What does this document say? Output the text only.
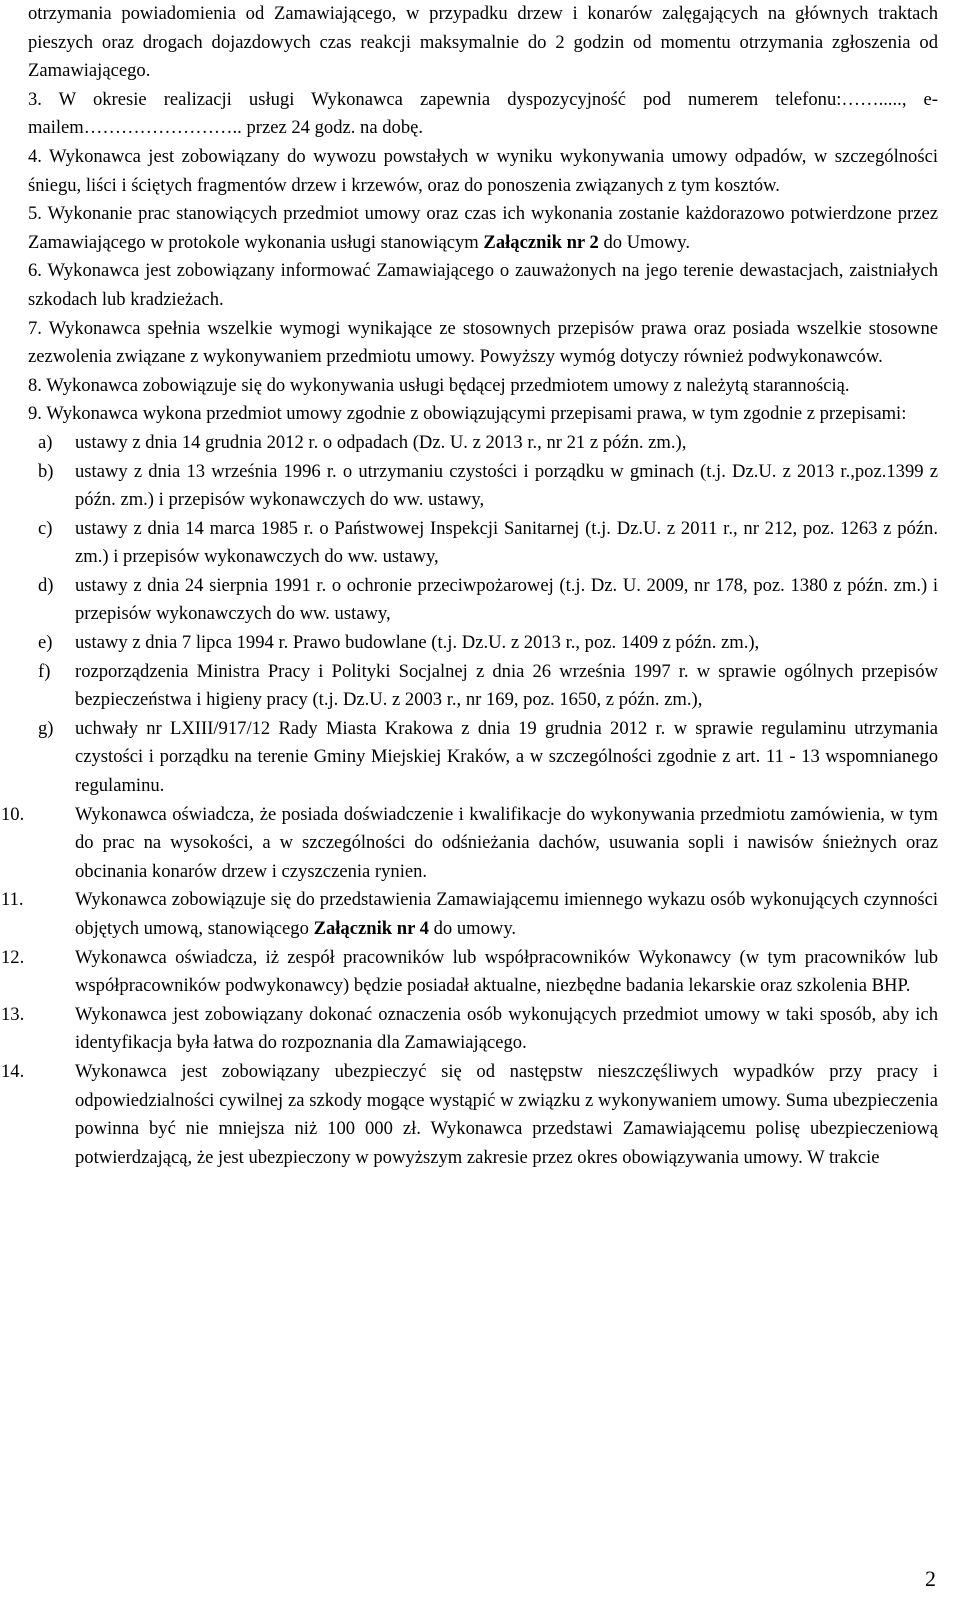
otrzymania powiadomienia od Zamawiającego, w przypadku drzew i konarów zalęgających na głównych traktach pieszych oraz drogach dojazdowych czas reakcji maksymalnie do 2 godzin od momentu otrzymania zgłoszenia od Zamawiającego.

3. W okresie realizacji usługi Wykonawca zapewnia dyspozycyjność pod numerem telefonu:……....., e-mailem…………………….. przez 24 godz. na dobę.

4. Wykonawca jest zobowiązany do wywozu powstałych w wyniku wykonywania umowy odpadów, w szczególności śniegu, liści i ściętych fragmentów drzew i krzewów, oraz do ponoszenia związanych z tym kosztów.

5. Wykonanie prac stanowiących przedmiot umowy oraz czas ich wykonania zostanie każdorazowo potwierdzone przez Zamawiającego w protokole wykonania usługi stanowiącym Załącznik nr 2 do Umowy.

6. Wykonawca jest zobowiązany informować Zamawiającego o zauważonych na jego terenie dewastacjach, zaistniałych szkodach lub kradzieżach.

7. Wykonawca spełnia wszelkie wymogi wynikające ze stosownych przepisów prawa oraz posiada wszelkie stosowne zezwolenia związane z wykonywaniem przedmiotu umowy. Powyższy wymóg dotyczy również podwykonawców.

8. Wykonawca zobowiązuje się do wykonywania usługi będącej przedmiotem umowy z należytą starannością.

9. Wykonawca wykona przedmiot umowy zgodnie z obowiązującymi przepisami prawa, w tym zgodnie z przepisami:

a) ustawy z dnia 14 grudnia 2012 r. o odpadach (Dz. U. z 2013 r., nr 21 z późn. zm.),

b) ustawy z dnia 13 września 1996 r. o utrzymaniu czystości i porządku w gminach (t.j. Dz.U. z 2013 r.,poz.1399 z późn. zm.) i przepisów wykonawczych do ww. ustawy,

c) ustawy z dnia 14 marca 1985 r. o Państwowej Inspekcji Sanitarnej (t.j. Dz.U. z 2011 r., nr 212, poz. 1263 z późn. zm.) i przepisów wykonawczych do ww. ustawy,

d) ustawy z dnia 24 sierpnia 1991 r. o ochronie przeciwpożarowej (t.j. Dz. U. 2009, nr 178, poz. 1380 z późn. zm.) i przepisów wykonawczych do ww. ustawy,

e) ustawy z dnia 7 lipca 1994 r. Prawo budowlane (t.j. Dz.U. z 2013 r., poz. 1409 z późn. zm.),

f) rozporządzenia Ministra Pracy i Polityki Socjalnej z dnia 26 września 1997 r. w sprawie ogólnych przepisów bezpieczeństwa i higieny pracy (t.j. Dz.U. z 2003 r., nr 169, poz. 1650, z późn. zm.),

g) uchwały nr LXIII/917/12 Rady Miasta Krakowa z dnia 19 grudnia 2012 r. w sprawie regulaminu utrzymania czystości i porządku na terenie Gminy Miejskiej Kraków, a w szczególności zgodnie z art. 11 - 13 wspomnianego regulaminu.

10.	Wykonawca oświadcza, że posiada doświadczenie i kwalifikacje do wykonywania przedmiotu zamówienia, w tym do prac na wysokości, a w szczególności do odśnieżania dachów, usuwania sopli i nawisów śnieżnych oraz obcinania konarów drzew i czyszczenia rynien.

11.	Wykonawca zobowiązuje się do przedstawienia Zamawiającemu imiennego wykazu osób wykonujących czynności objętych umową, stanowiącego Załącznik nr 4 do umowy.

12.	Wykonawca oświadcza, iż zespół pracowników lub współpracowników Wykonawcy (w tym pracowników lub współpracowników podwykonawcy) będzie posiadał aktualne, niezbędne badania lekarskie oraz szkolenia BHP.

13.	Wykonawca jest zobowiązany dokonać oznaczenia osób wykonujących przedmiot umowy w taki sposób, aby ich identyfikacja była łatwa do rozpoznania dla Zamawiającego.

14.	Wykonawca jest zobowiązany ubezpieczyć się od następstw nieszczęśliwych wypadków przy pracy i odpowiedzialności cywilnej za szkody mogące wystąpić w związku z wykonywaniem umowy. Suma ubezpieczenia powinna być nie mniejsza niż 100 000 zł. Wykonawca przedstawi Zamawiającemu polisę ubezpieczeniową potwierdzającą, że jest ubezpieczony w powyższym zakresie przez okres obowiązywania umowy. W trakcie

2
